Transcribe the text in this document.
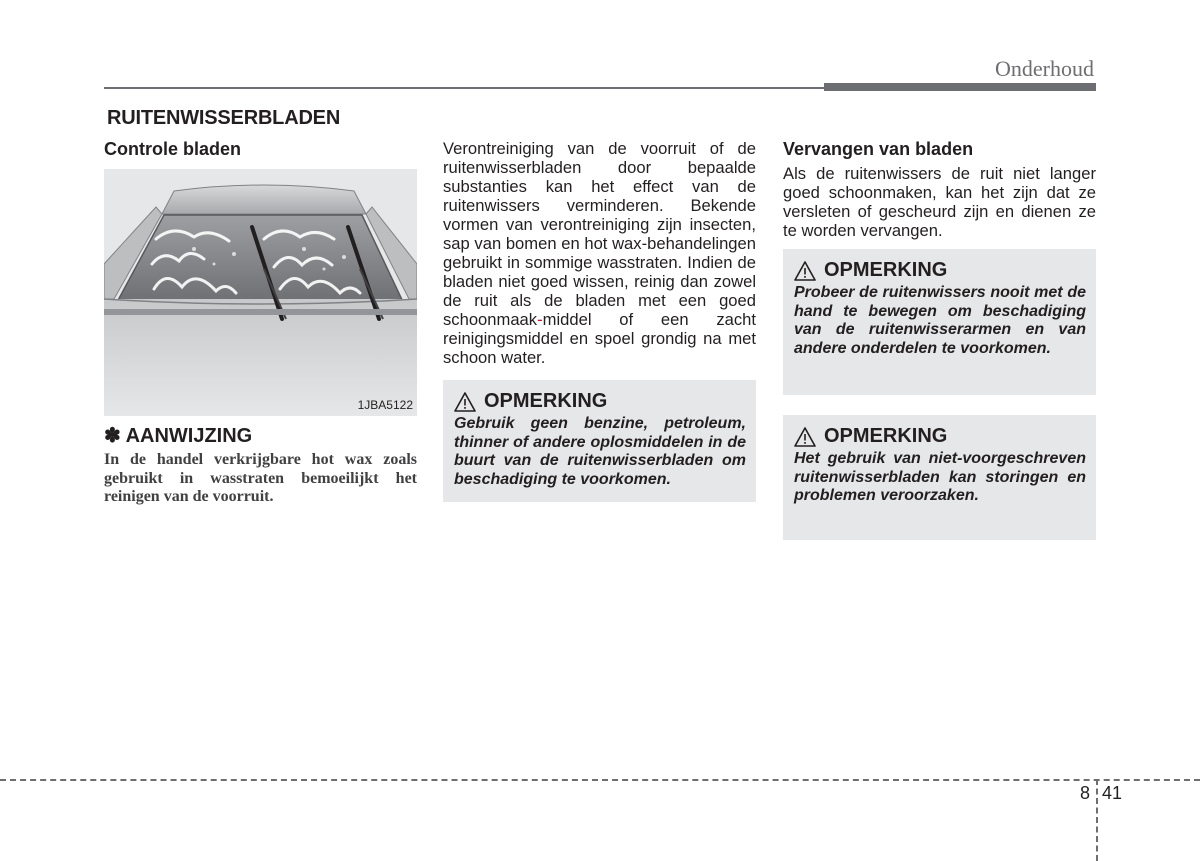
Onderhoud
RUITENWISSERBLADEN
Controle bladen
1JBA5122
✽ AANWIJZING

In de handel verkrijgbare hot wax zoals gebruikt in wasstraten bemoeilijkt het reinigen van de voorruit.

Verontreiniging van de voorruit of de ruitenwisserbladen door bepaalde substanties kan het effect van de ruitenwissers verminderen. Bekende vormen van verontreiniging zijn insecten, sap van bomen en hot wax-behandelingen gebruikt in sommige wasstraten. Indien de bladen niet goed wissen, reinig dan zowel de ruit als de bladen met een goed schoonmaak-middel of een zacht reinigingsmiddel en spoel grondig na met schoon water.

OPMERKING

Gebruik geen benzine, petroleum, thinner of andere oplosmiddelen in de buurt van de ruitenwisserbladen om beschadiging te voorkomen.

Vervangen van bladen

Als de ruitenwissers de ruit niet langer goed schoonmaken, kan het zijn dat ze versleten of gescheurd zijn en dienen ze te worden vervangen.

OPMERKING

Probeer de ruitenwissers nooit met de hand te bewegen om beschadiging van de ruitenwisserarmen en van andere onderdelen te voorkomen.

OPMERKING

Het gebruik van niet-voorgeschreven ruitenwisserbladen kan storingen en problemen veroorzaken.

8 41
